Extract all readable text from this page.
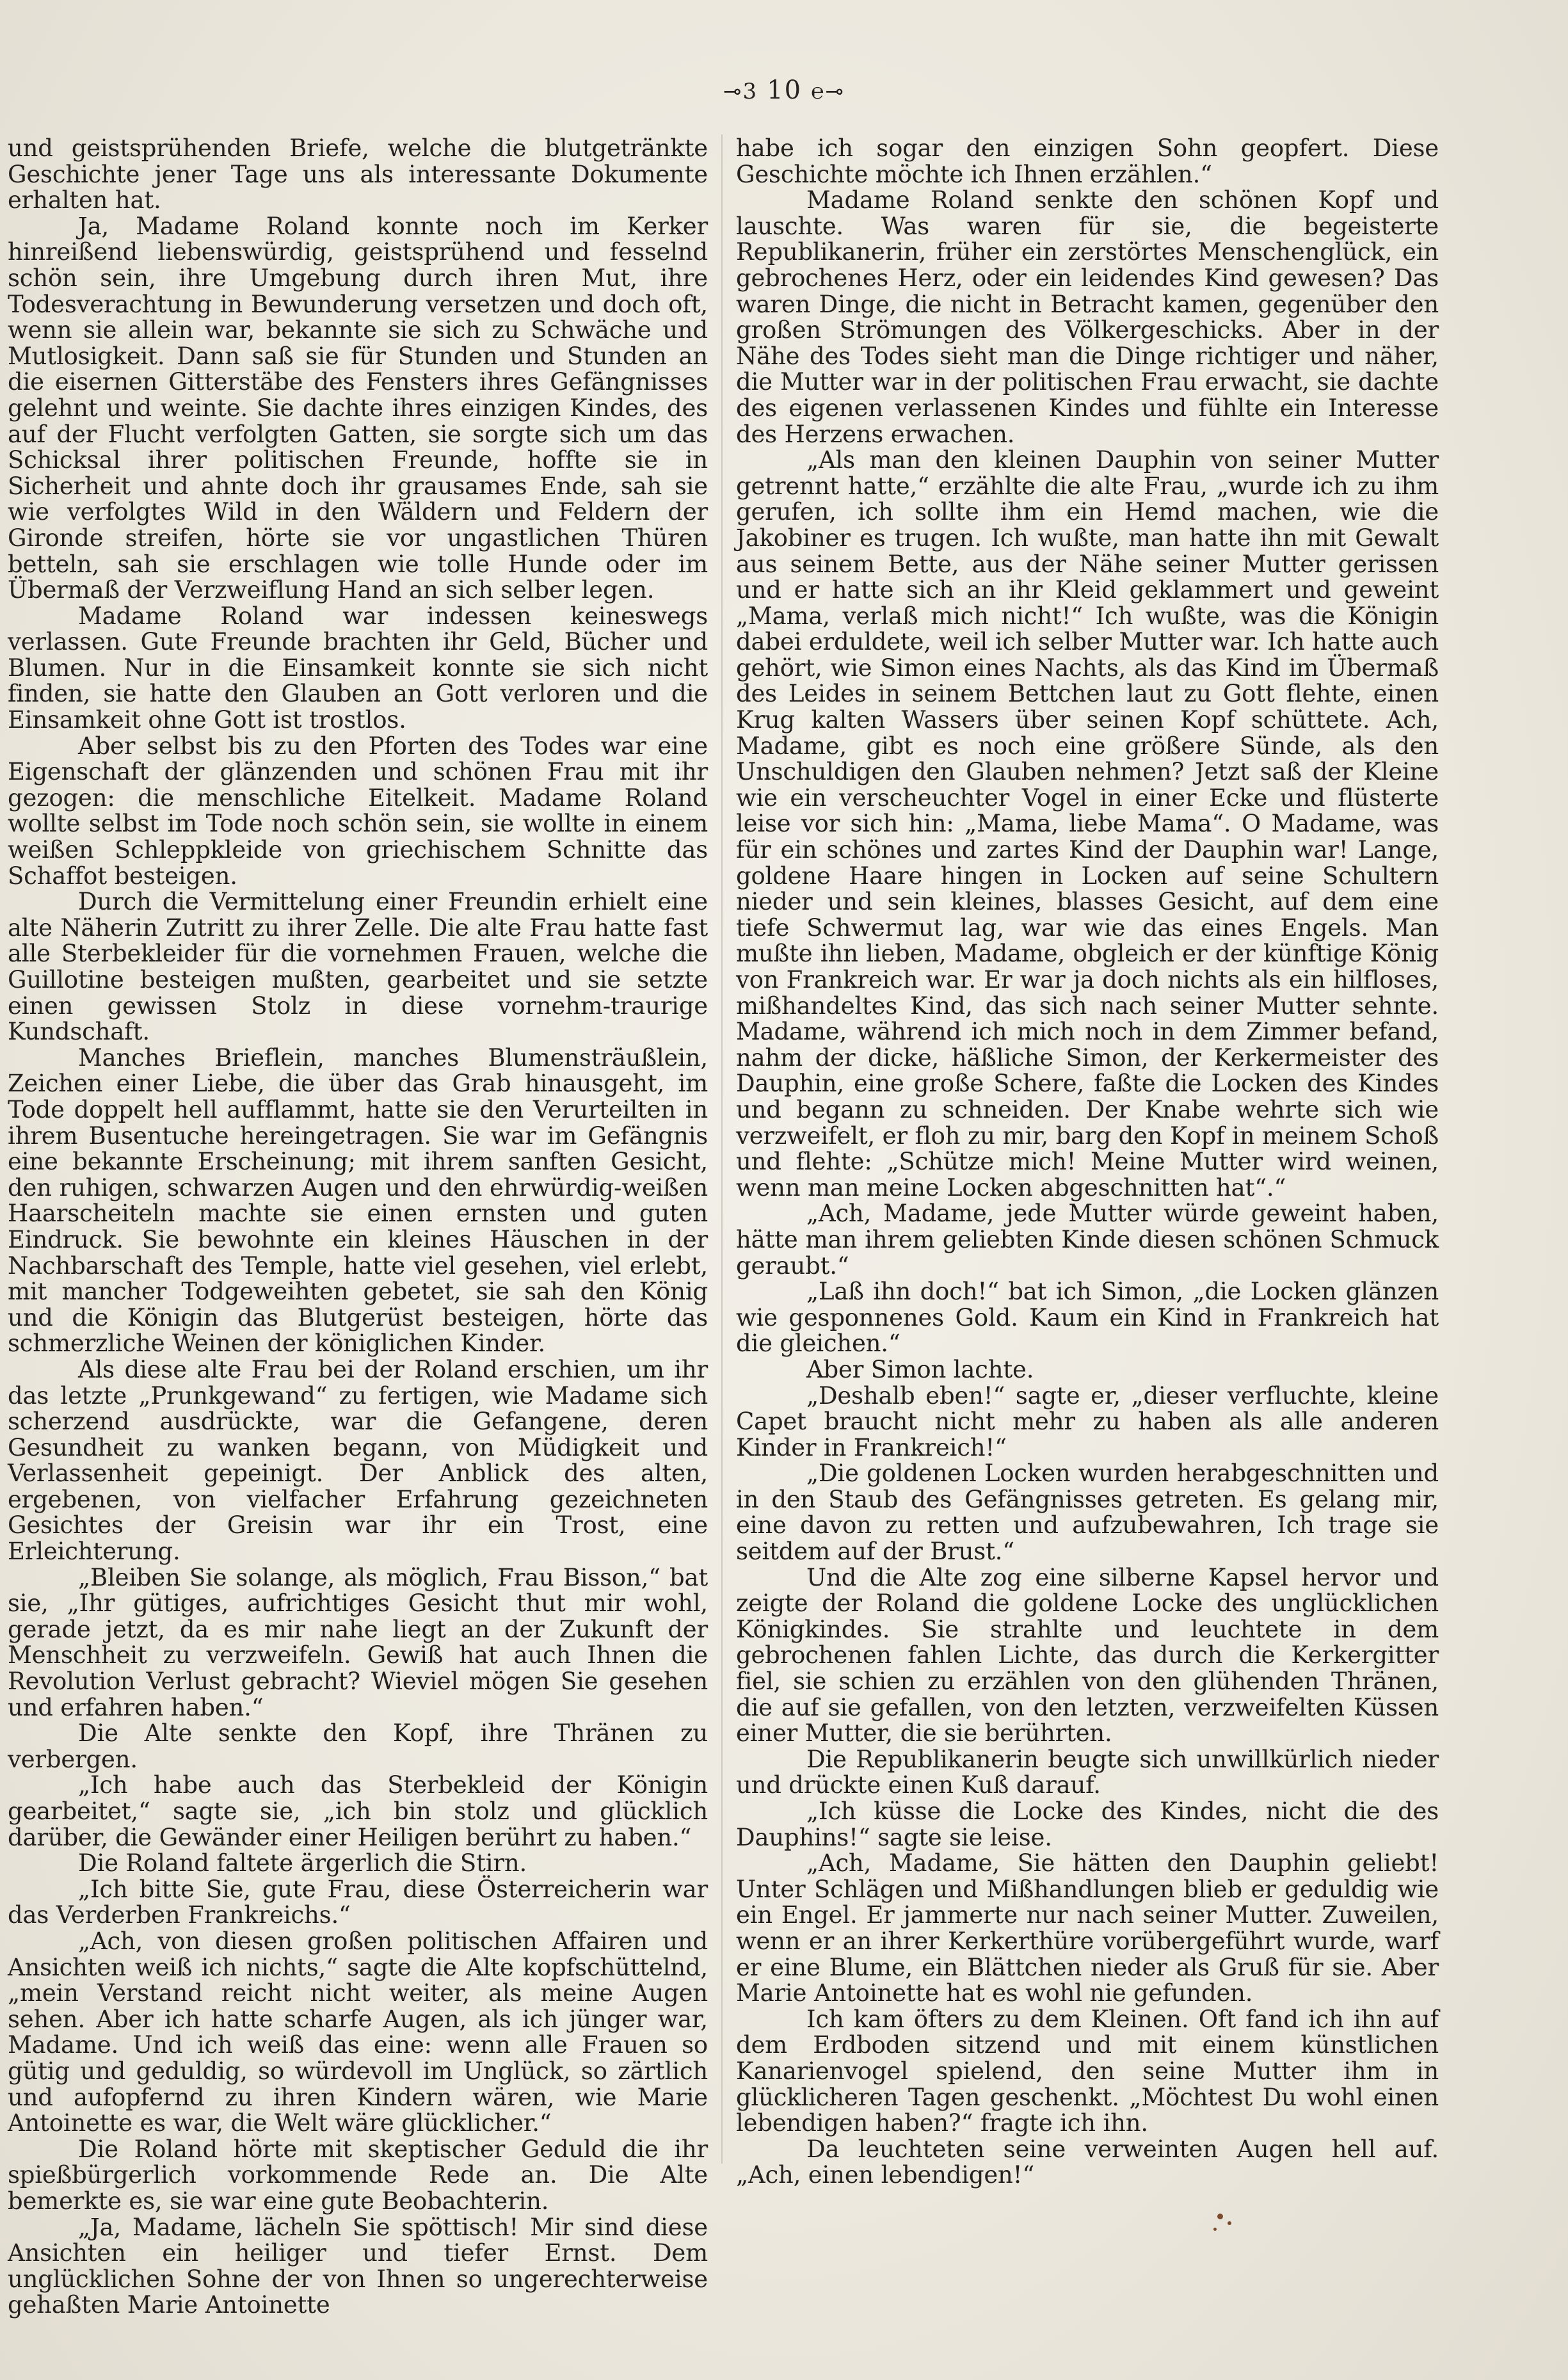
⊸3 10 ℮⊸

und geistsprühenden Briefe, welche die blutgetränkte Geschichte jener Tage uns als interessante Dokumente erhalten hat.

Ja, Madame Roland konnte noch im Kerker hinreißend liebenswürdig, geistsprühend und fesselnd schön sein, ihre Umgebung durch ihren Mut, ihre Todesverachtung in Bewunderung versetzen und doch oft, wenn sie allein war, bekannte sie sich zu Schwäche und Mutlosigkeit. Dann saß sie für Stunden und Stunden an die eisernen Gitterstäbe des Fensters ihres Gefängnisses gelehnt und weinte. Sie dachte ihres einzigen Kindes, des auf der Flucht verfolgten Gatten, sie sorgte sich um das Schicksal ihrer politischen Freunde, hoffte sie in Sicherheit und ahnte doch ihr grausames Ende, sah sie wie verfolgtes Wild in den Wäldern und Feldern der Gironde streifen, hörte sie vor ungastlichen Thüren betteln, sah sie erschlagen wie tolle Hunde oder im Übermaß der Verzweiflung Hand an sich selber legen.

Madame Roland war indessen keineswegs verlassen. Gute Freunde brachten ihr Geld, Bücher und Blumen. Nur in die Einsamkeit konnte sie sich nicht finden, sie hatte den Glauben an Gott verloren und die Einsamkeit ohne Gott ist trostlos.

Aber selbst bis zu den Pforten des Todes war eine Eigenschaft der glänzenden und schönen Frau mit ihr gezogen: die menschliche Eitelkeit. Madame Roland wollte selbst im Tode noch schön sein, sie wollte in einem weißen Schleppkleide von griechischem Schnitte das Schaffot besteigen.

Durch die Vermittelung einer Freundin erhielt eine alte Näherin Zutritt zu ihrer Zelle. Die alte Frau hatte fast alle Sterbekleider für die vornehmen Frauen, welche die Guillotine besteigen mußten, gearbeitet und sie setzte einen gewissen Stolz in diese vornehm-traurige Kundschaft.

Manches Brieflein, manches Blumensträußlein, Zeichen einer Liebe, die über das Grab hinausgeht, im Tode doppelt hell aufflammt, hatte sie den Verurteilten in ihrem Busentuche hereingetragen. Sie war im Gefängnis eine bekannte Erscheinung; mit ihrem sanften Gesicht, den ruhigen, schwarzen Augen und den ehrwürdig-weißen Haarscheiteln machte sie einen ernsten und guten Eindruck. Sie bewohnte ein kleines Häuschen in der Nachbarschaft des Temple, hatte viel gesehen, viel erlebt, mit mancher Todgeweihten gebetet, sie sah den König und die Königin das Blutgerüst besteigen, hörte das schmerzliche Weinen der königlichen Kinder.

Als diese alte Frau bei der Roland erschien, um ihr das letzte „Prunkgewand“ zu fertigen, wie Madame sich scherzend ausdrückte, war die Gefangene, deren Gesundheit zu wanken begann, von Müdigkeit und Verlassenheit gepeinigt. Der Anblick des alten, ergebenen, von vielfacher Erfahrung gezeichneten Gesichtes der Greisin war ihr ein Trost, eine Erleichterung.

„Bleiben Sie solange, als möglich, Frau Bisson,“ bat sie, „Ihr gütiges, aufrichtiges Gesicht thut mir wohl, gerade jetzt, da es mir nahe liegt an der Zukunft der Menschheit zu verzweifeln. Gewiß hat auch Ihnen die Revolution Verlust gebracht? Wieviel mögen Sie gesehen und erfahren haben.“

Die Alte senkte den Kopf, ihre Thränen zu verbergen.

„Ich habe auch das Sterbekleid der Königin gearbeitet,“ sagte sie, „ich bin stolz und glücklich darüber, die Gewänder einer Heiligen berührt zu haben.“

Die Roland faltete ärgerlich die Stirn.

„Ich bitte Sie, gute Frau, diese Österreicherin war das Verderben Frankreichs.“

„Ach, von diesen großen politischen Affairen und Ansichten weiß ich nichts,“ sagte die Alte kopfschüttelnd, „mein Verstand reicht nicht weiter, als meine Augen sehen. Aber ich hatte scharfe Augen, als ich jünger war, Madame. Und ich weiß das eine: wenn alle Frauen so gütig und geduldig, so würdevoll im Unglück, so zärtlich und aufopfernd zu ihren Kindern wären, wie Marie Antoinette es war, die Welt wäre glücklicher.“

Die Roland hörte mit skeptischer Geduld die ihr spießbürgerlich vorkommende Rede an. Die Alte bemerkte es, sie war eine gute Beobachterin.

„Ja, Madame, lächeln Sie spöttisch! Mir sind diese Ansichten ein heiliger und tiefer Ernst. Dem unglücklichen Sohne der von Ihnen so ungerechterweise gehaßten Marie Antoinette

habe ich sogar den einzigen Sohn geopfert. Diese Geschichte möchte ich Ihnen erzählen.“

Madame Roland senkte den schönen Kopf und lauschte. Was waren für sie, die begeisterte Republikanerin, früher ein zerstörtes Menschenglück, ein gebrochenes Herz, oder ein leidendes Kind gewesen? Das waren Dinge, die nicht in Betracht kamen, gegenüber den großen Strömungen des Völkergeschicks. Aber in der Nähe des Todes sieht man die Dinge richtiger und näher, die Mutter war in der politischen Frau erwacht, sie dachte des eigenen verlassenen Kindes und fühlte ein Interesse des Herzens erwachen.

„Als man den kleinen Dauphin von seiner Mutter getrennt hatte,“ erzählte die alte Frau, „wurde ich zu ihm gerufen, ich sollte ihm ein Hemd machen, wie die Jakobiner es trugen. Ich wußte, man hatte ihn mit Gewalt aus seinem Bette, aus der Nähe seiner Mutter gerissen und er hatte sich an ihr Kleid geklammert und geweint „Mama, verlaß mich nicht!“ Ich wußte, was die Königin dabei erduldete, weil ich selber Mutter war. Ich hatte auch gehört, wie Simon eines Nachts, als das Kind im Übermaß des Leides in seinem Bettchen laut zu Gott flehte, einen Krug kalten Wassers über seinen Kopf schüttete. Ach, Madame, gibt es noch eine größere Sünde, als den Unschuldigen den Glauben nehmen? Jetzt saß der Kleine wie ein verscheuchter Vogel in einer Ecke und flüsterte leise vor sich hin: „Mama, liebe Mama“. O Madame, was für ein schönes und zartes Kind der Dauphin war! Lange, goldene Haare hingen in Locken auf seine Schultern nieder und sein kleines, blasses Gesicht, auf dem eine tiefe Schwermut lag, war wie das eines Engels. Man mußte ihn lieben, Madame, obgleich er der künftige König von Frankreich war. Er war ja doch nichts als ein hilfloses, mißhandeltes Kind, das sich nach seiner Mutter sehnte. Madame, während ich mich noch in dem Zimmer befand, nahm der dicke, häßliche Simon, der Kerkermeister des Dauphin, eine große Schere, faßte die Locken des Kindes und begann zu schneiden. Der Knabe wehrte sich wie verzweifelt, er floh zu mir, barg den Kopf in meinem Schoß und flehte: „Schütze mich! Meine Mutter wird weinen, wenn man meine Locken abgeschnitten hat“.“

„Ach, Madame, jede Mutter würde geweint haben, hätte man ihrem geliebten Kinde diesen schönen Schmuck geraubt.“

„Laß ihn doch!“ bat ich Simon, „die Locken glänzen wie gesponnenes Gold. Kaum ein Kind in Frankreich hat die gleichen.“

Aber Simon lachte.

„Deshalb eben!“ sagte er, „dieser verfluchte, kleine Capet braucht nicht mehr zu haben als alle anderen Kinder in Frankreich!“

„Die goldenen Locken wurden herabgeschnitten und in den Staub des Gefängnisses getreten. Es gelang mir, eine davon zu retten und aufzubewahren, Ich trage sie seitdem auf der Brust.“

Und die Alte zog eine silberne Kapsel hervor und zeigte der Roland die goldene Locke des unglücklichen Königkindes. Sie strahlte und leuchtete in dem gebrochenen fahlen Lichte, das durch die Kerkergitter fiel, sie schien zu erzählen von den glühenden Thränen, die auf sie gefallen, von den letzten, verzweifelten Küssen einer Mutter, die sie berührten.

Die Republikanerin beugte sich unwillkürlich nieder und drückte einen Kuß darauf.

„Ich küsse die Locke des Kindes, nicht die des Dauphins!“ sagte sie leise.

„Ach, Madame, Sie hätten den Dauphin geliebt! Unter Schlägen und Mißhandlungen blieb er geduldig wie ein Engel. Er jammerte nur nach seiner Mutter. Zuweilen, wenn er an ihrer Kerkerthüre vorübergeführt wurde, warf er eine Blume, ein Blättchen nieder als Gruß für sie. Aber Marie Antoinette hat es wohl nie gefunden.

Ich kam öfters zu dem Kleinen. Oft fand ich ihn auf dem Erdboden sitzend und mit einem künstlichen Kanarienvogel spielend, den seine Mutter ihm in glücklicheren Tagen geschenkt. „Möchtest Du wohl einen lebendigen haben?“ fragte ich ihn.

Da leuchteten seine verweinten Augen hell auf. „Ach, einen lebendigen!“
